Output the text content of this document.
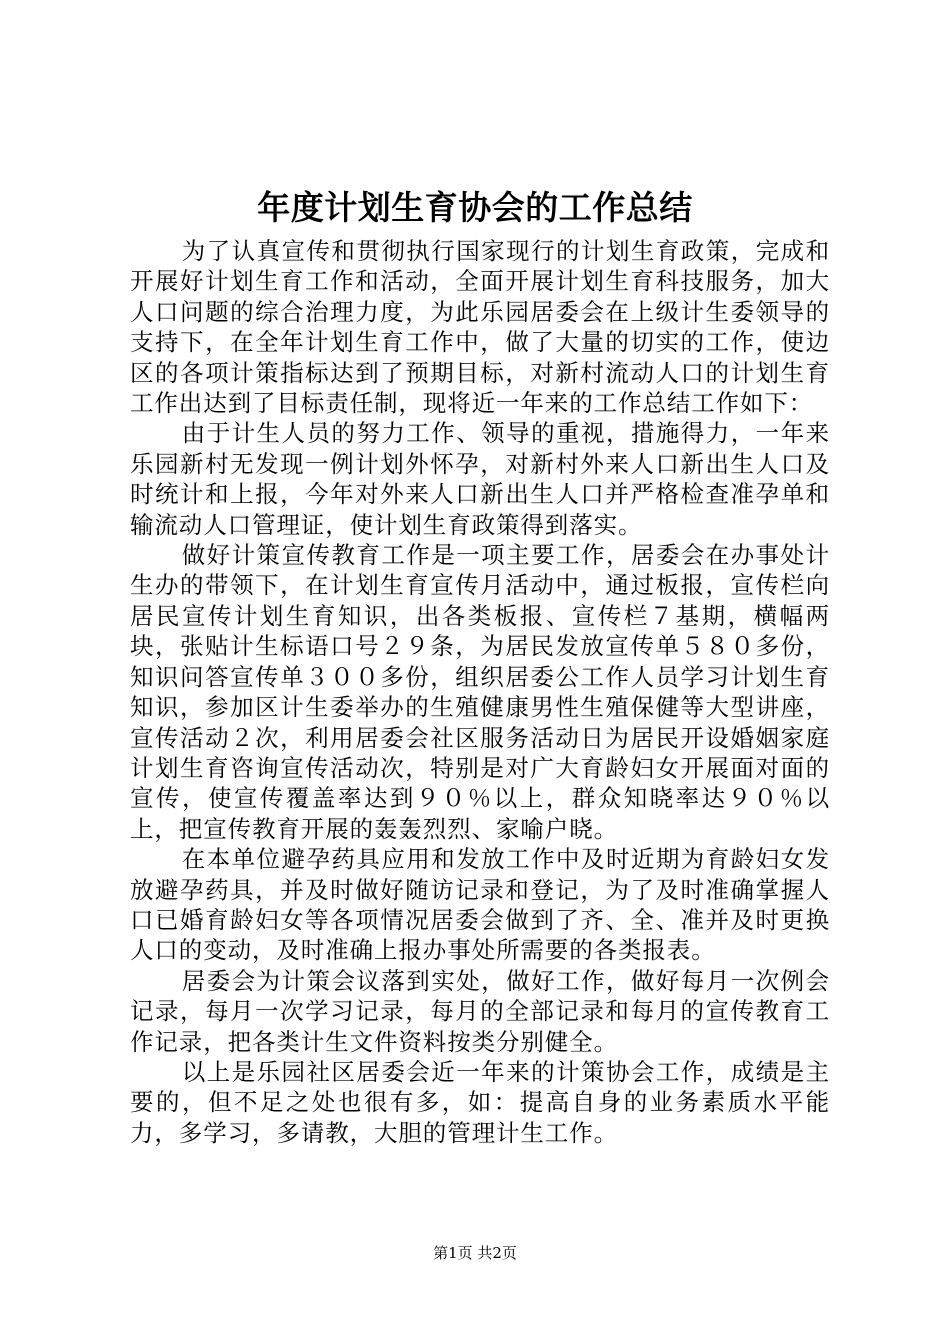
年度计划生育协会的工作总结

为了认真宣传和贯彻执行国家现行的计划生育政策，完成和开展好计划生育工作和活动，全面开展计划生育科技服务，加大人口问题的综合治理力度，为此乐园居委会在上级计生委领导的支持下，在全年计划生育工作中，做了大量的切实的工作，使边区的各项计策指标达到了预期目标，对新村流动人口的计划生育工作出达到了目标责任制，现将近一年来的工作总结工作如下：

由于计生人员的努力工作、领导的重视，措施得力，一年来乐园新村无发现一例计划外怀孕，对新村外来人口新出生人口及时统计和上报，今年对外来人口新出生人口并严格检查准孕单和输流动人口管理证，使计划生育政策得到落实。

做好计策宣传教育工作是一项主要工作，居委会在办事处计生办的带领下，在计划生育宣传月活动中，通过板报，宣传栏向居民宣传计划生育知识，出各类板报、宣传栏７基期，横幅两块，张贴计生标语口号２９条，为居民发放宣传单５８０多份，知识问答宣传单３００多份，组织居委公工作人员学习计划生育知识，参加区计生委举办的生殖健康男性生殖保健等大型讲座，宣传活动２次，利用居委会社区服务活动日为居民开设婚姻家庭计划生育咨询宣传活动次，特别是对广大育龄妇女开展面对面的宣传，使宣传覆盖率达到９０％以上，群众知晓率达９０％以上，把宣传教育开展的轰轰烈烈、家喻户晓。

在本单位避孕药具应用和发放工作中及时近期为育龄妇女发放避孕药具，并及时做好随访记录和登记，为了及时准确掌握人口已婚育龄妇女等各项情况居委会做到了齐、全、准并及时更换人口的变动，及时准确上报办事处所需要的各类报表。

居委会为计策会议落到实处，做好工作，做好每月一次例会记录，每月一次学习记录，每月的全部记录和每月的宣传教育工作记录，把各类计生文件资料按类分别健全。

以上是乐园社区居委会近一年来的计策协会工作，成绩是主要的，但不足之处也很有多，如：提高自身的业务素质水平能力，多学习，多请教，大胆的管理计生工作。

第1页 共2页
